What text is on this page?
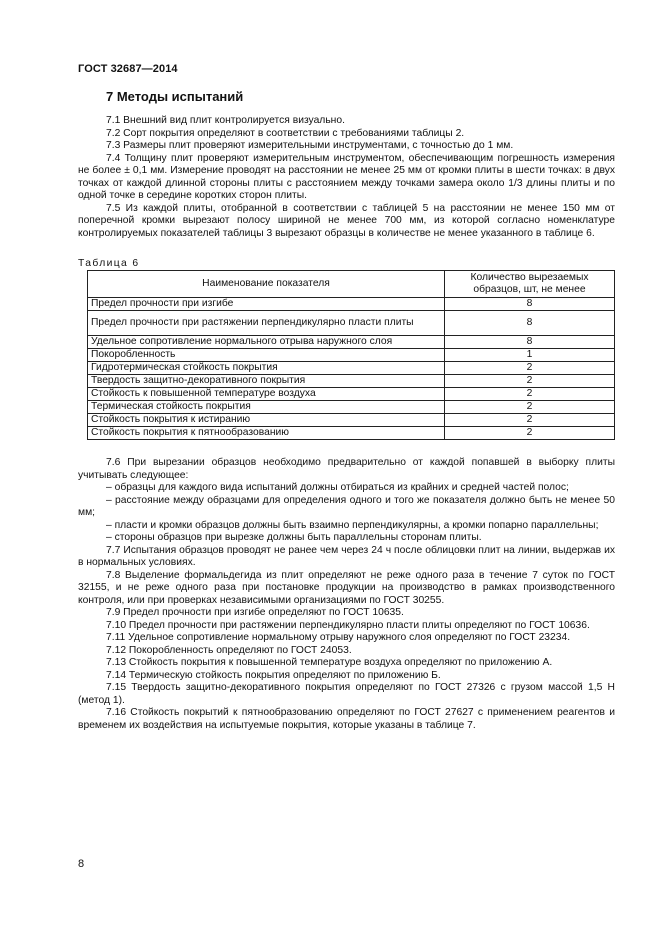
ГОСТ 32687—2014
7 Методы испытаний

7.1 Внешний вид плит контролируется визуально.

7.2 Сорт покрытия определяют в соответствии с требованиями таблицы 2.

7.3 Размеры плит проверяют измерительными инструментами, с точностью до 1 мм.

7.4 Толщину плит проверяют измерительным инструментом, обеспечивающим погрешность измерения не более ± 0,1 мм. Измерение проводят на расстоянии не менее 25 мм от кромки плиты в шести точках: в двух точках от каждой длинной стороны плиты с расстоянием между точками замера около 1/3 длины плиты и по одной точке в середине коротких сторон плиты.

7.5 Из каждой плиты, отобранной в соответствии с таблицей 5 на расстоянии не менее 150 мм от поперечной кромки вырезают полосу шириной не менее 700 мм, из которой согласно номенклатуре контролируемых показателей таблицы 3 вырезают образцы в количестве не менее указанного в таблице 6.

Таблица 6
Наименование показателя	Количество вырезаемых образцов, шт, не менее
Предел прочности при изгибе	8
Предел прочности при растяжении перпендикулярно пласти плиты	8
Удельное сопротивление нормального отрыва наружного слоя	8
Покоробленность	1
Гидротермическая стойкость покрытия	2
Твердость защитно-декоративного покрытия	2
Стойкость к повышенной температуре воздуха	2
Термическая стойкость покрытия	2
Стойкость покрытия к истиранию	2
Стойкость покрытия к пятнообразованию	2

7.6 При вырезании образцов необходимо предварительно от каждой попавшей в выборку плиты учитывать следующее:

– образцы для каждого вида испытаний должны отбираться из крайних и средней частей полос;

– расстояние между образцами для определения одного и того же показателя должно быть не менее 50 мм;

– пласти и кромки образцов должны быть взаимно перпендикулярны, а кромки попарно параллельны;

– стороны образцов при вырезке должны быть параллельны сторонам плиты.

7.7 Испытания образцов проводят не ранее чем через 24 ч после облицовки плит на линии, выдержав их в нормальных условиях.

7.8 Выделение формальдегида из плит определяют не реже одного раза в течение 7 суток по ГОСТ 32155, и не реже одного раза при постановке продукции на производство в рамках производственного контроля, или при проверках независимыми организациями по ГОСТ 30255.

7.9 Предел прочности при изгибе определяют по ГОСТ 10635.

7.10 Предел прочности при растяжении перпендикулярно пласти плиты определяют по ГОСТ 10636.

7.11 Удельное сопротивление нормальному отрыву наружного слоя определяют по ГОСТ 23234.

7.12 Покоробленность определяют по ГОСТ 24053.

7.13 Стойкость покрытия к повышенной температуре воздуха определяют по приложению А.

7.14 Термическую стойкость покрытия определяют по приложению Б.

7.15 Твердость защитно-декоративного покрытия определяют по ГОСТ 27326 с грузом массой 1,5 Н (метод 1).

7.16 Стойкость покрытий к пятнообразованию определяют по ГОСТ 27627 с применением реагентов и временем их воздействия на испытуемые покрытия, которые указаны в таблице 7.

8
